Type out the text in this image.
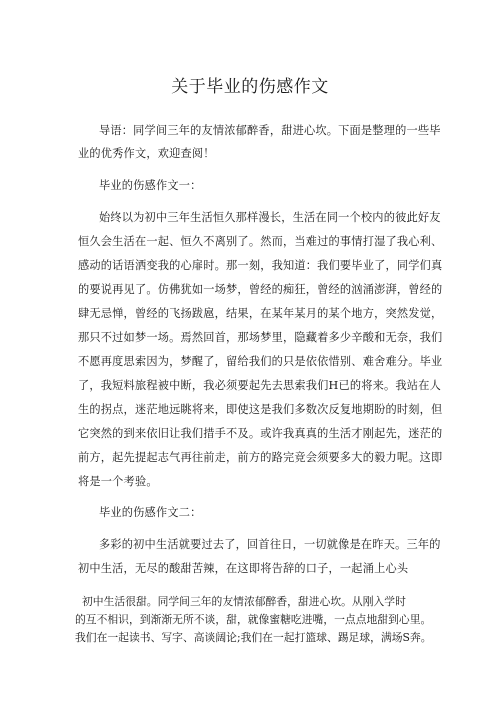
关于毕业的伤感作文
导语：同学间三年的友情浓郁醉香，甜进心坎。下面是整理的一些毕
业的优秀作文，欢迎查阅！
毕业的伤感作文一：
始终以为初中三年生活恒久那样漫长，生活在同一个校内的彼此好友
恒久会生活在一起、恒久不离别了。然而，当难过的事情打湿了我心利、
感动的话语洒变我的心扉时。那一刻，我知道：我们要毕业了，同学们真
的要说再见了。仿佛犹如一场梦，曾经的痴狂，曾经的汹涌澎湃，曾经的
肆无忌惮，曾经的飞扬跋扈，结果，在某年某月的某个地方，突然发觉，
那只不过如梦一场。焉然回首，那场梦里，隐藏着多少辛酸和无奈，我们
不愿再度思索因为，梦醒了，留给我们的只是依依惜别、难舍难分。毕业
了，我短料旅程被中断，我必须要起先去思索我们H已的将来。我站在人
生的拐点，迷茫地远眺将来，即使这是我们多数次反复地期盼的时刻，但
它突然的到来依旧让我们措手不及。或许我真真的生活才刚起先，迷茫的
前方，起先提起志气再往前走，前方的路完竞会须要多大的毅力呢。这即
将是一个考验。
毕业的伤感作文二：
多彩的初中生活就要过去了，回首往日，一切就像是在昨天。三年的
初中生活，无尽的酸甜苦辣，在这即将告辞的口子，一起涌上心头
初中生活很甜。同学间三年的友情浓郁醉香，甜进心坎。从刚入学时
的互不相识，到渐渐无所不谈，甜，就像蜜糖吃进嘴，一点点地甜到心里。
我们在一起读书、写字、高谈阔论;我们在一起打篮球、踢足球，满场S奔。
